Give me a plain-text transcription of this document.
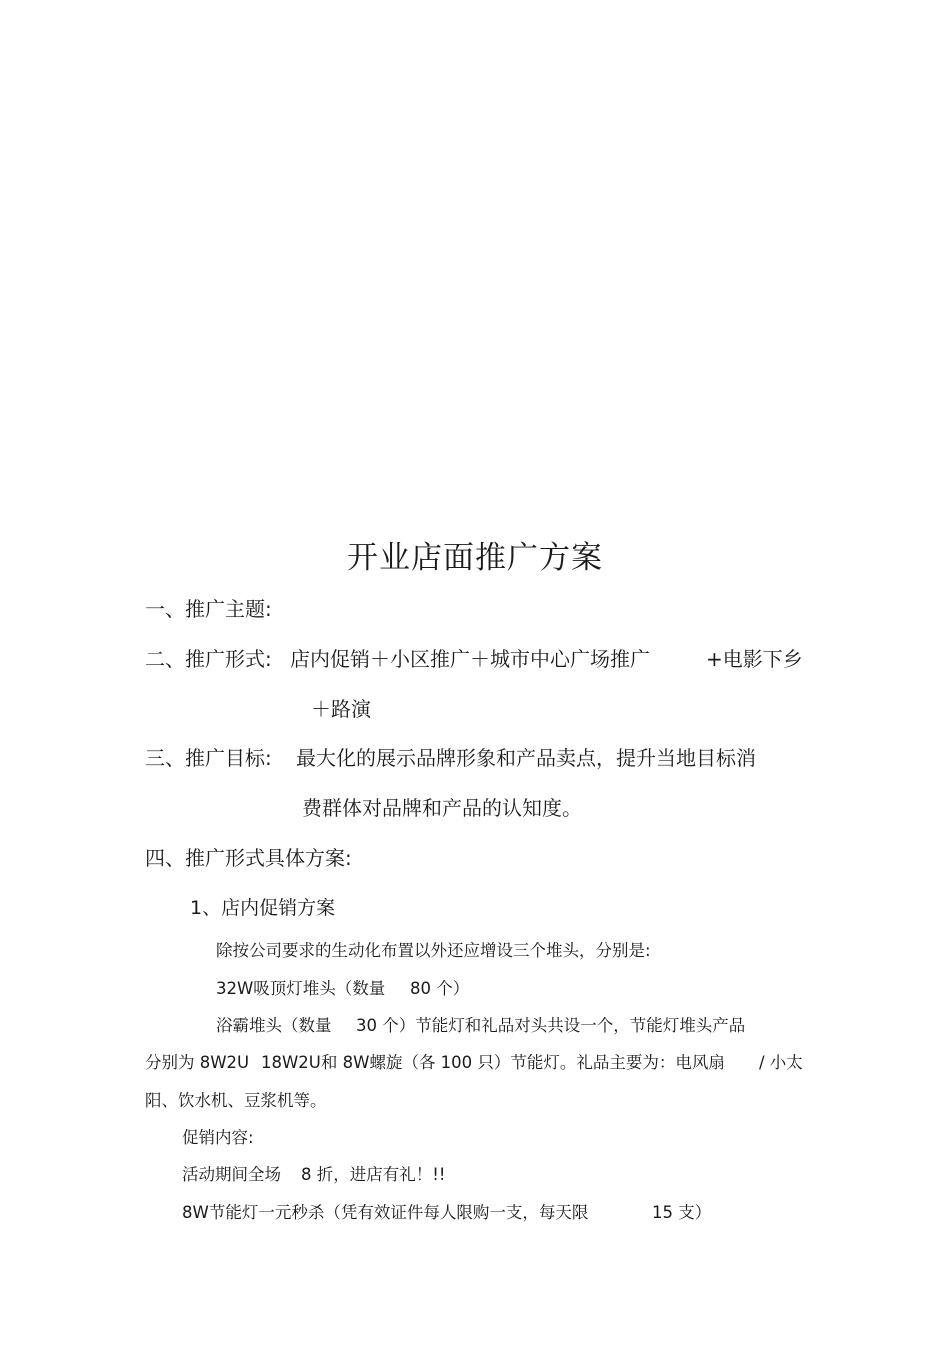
开业店面推广方案
一、推广主题:
二、推广形式: 店内促销＋小区推广＋城市中心广场推广	+电影下乡
＋路演
三、推广目标: 最大化的展示品牌形象和产品卖点，提升当地目标消
费群体对品牌和产品的认知度。
四、推广形式具体方案:
1、店内促销方案
除按公司要求的生动化布置以外还应增设三个堆头，分别是:
32W吸顶灯堆头（数量 80 个）
浴霸堆头（数量 30 个）节能灯和礼品对头共设一个，节能灯堆头产品
分别为 8W2U 18W2U和 8W螺旋（各 100 只）节能灯。礼品主要为：电风扇 / 小太
阳、饮水机、豆浆机等。
促销内容:
活动期间全场 8 折，进店有礼！!!
8W节能灯一元秒杀（凭有效证件每人限购一支，每天限	15 支）
